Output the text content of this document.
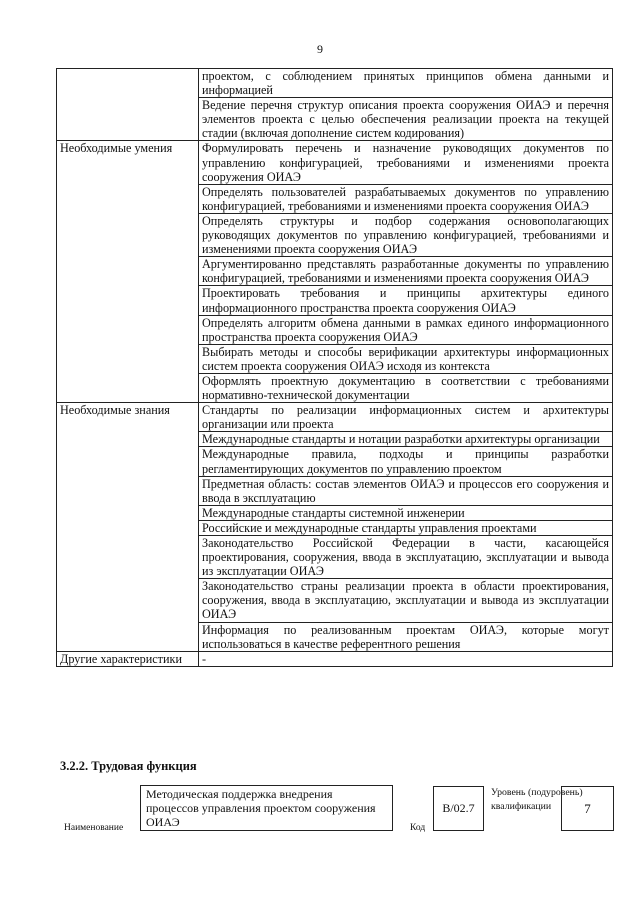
9
	проектом, с соблюдением принятых принципов обмена данными и информацией
	Ведение перечня структур описания проекта сооружения ОИАЭ и перечня элементов проекта с целью обеспечения реализации проекта на текущей стадии (включая дополнение систем кодирования)
Необходимые умения	Формулировать перечень и назначение руководящих документов по управлению конфигурацией, требованиями и изменениями проекта сооружения ОИАЭ
	Определять пользователей разрабатываемых документов по управлению конфигурацией, требованиями и изменениями проекта сооружения ОИАЭ
	Определять структуры и подбор содержания основополагающих руководящих документов по управлению конфигурацией, требованиями и изменениями проекта сооружения ОИАЭ
	Аргументированно представлять разработанные документы по управлению конфигурацией, требованиями и изменениями проекта сооружения ОИАЭ
	Проектировать требования и принципы архитектуры единого информационного пространства проекта сооружения ОИАЭ
	Определять алгоритм обмена данными в рамках единого информационного пространства проекта сооружения ОИАЭ
	Выбирать методы и способы верификации архитектуры информационных систем проекта сооружения ОИАЭ исходя из контекста
	Оформлять проектную документацию в соответствии с требованиями нормативно-технической документации
Необходимые знания	Стандарты по реализации информационных систем и архитектуры организации или проекта
	Международные стандарты и нотации разработки архитектуры организации
	Международные правила, подходы и принципы разработки регламентирующих документов по управлению проектом
	Предметная область: состав элементов ОИАЭ и процессов его сооружения и ввода в эксплуатацию
	Международные стандарты системной инженерии
	Российские и международные стандарты управления проектами
	Законодательство Российской Федерации в части, касающейся проектирования, сооружения, ввода в эксплуатацию, эксплуатации и вывода из эксплуатации ОИАЭ
	Законодательство страны реализации проекта в области проектирования, сооружения, ввода в эксплуатацию, эксплуатации и вывода из эксплуатации ОИАЭ
	Информация по реализованным проектам ОИАЭ, которые могут использоваться в качестве референтного решения
Другие характеристики	-
3.2.2. Трудовая функция
Наименование
Методическая поддержка внедрения процессов управления проектом сооружения ОИАЭ	Код
B/02.7
Уровень (подуровень) квалификации	7
